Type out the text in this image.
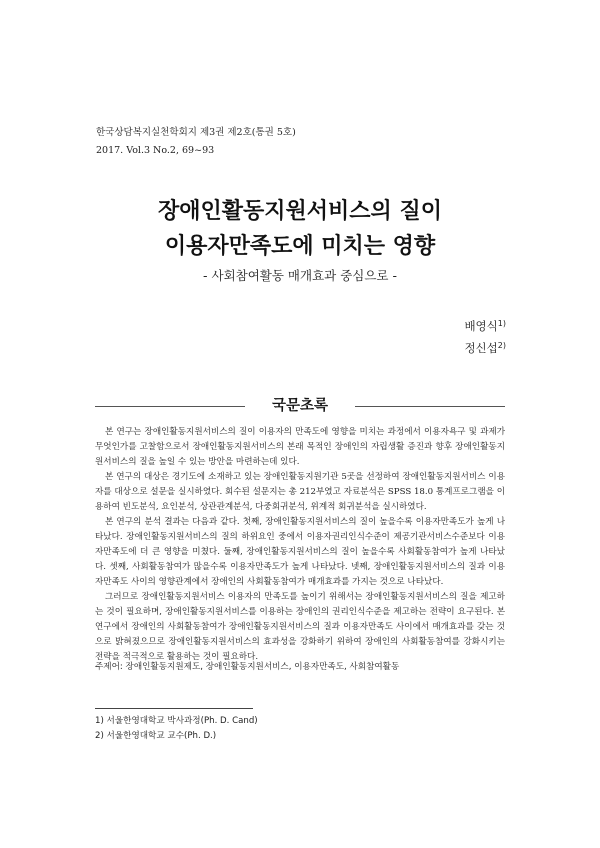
한국상담복지실천학회지 제3권 제2호(통권 5호)
2017. Vol.3 No.2, 69~93
장애인활동지원서비스의 질이
이용자만족도에 미치는 영향
- 사회참여활동 매개효과 중심으로 -
배영식$^{1)}$
정신섭$^{2)}$
국문초록

본 연구는 장애인활동지원서비스의 질이 이용자의 만족도에 영향을 미치는 과정에서 이용자욕구 및 과제가 무엇인가를 고찰함으로서 장애인활동지원서비스의 본래 목적인 장애인의 자립생활 증진과 향후 장애인활동지원서비스의 질을 높일 수 있는 방안을 마련하는데 있다.

본 연구의 대상은 경기도에 소재하고 있는 장애인활동지원기관 5곳을 선정하여 장애인활동지원서비스 이용자를 대상으로 설문을 실시하였다. 회수된 설문지는 총 212부였고 자료분석은 SPSS 18.0 통계프로그램을 이용하여 빈도분석, 요인분석, 상관관계분석, 다중회귀분석, 위계적 회귀분석을 실시하였다.

본 연구의 분석 결과는 다음과 같다. 첫째, 장애인활동지원서비스의 질이 높을수록 이용자만족도가 높게 나타났다. 장애인활동지원서비스의 질의 하위요인 중에서 이용자권리인식수준이 제공기관서비스수준보다 이용자만족도에 더 큰 영향을 미쳤다. 둘째, 장애인활동지원서비스의 질이 높을수록 사회활동참여가 높게 나타났다. 셋째, 사회활동참여가 많을수록 이용자만족도가 높게 나타났다. 넷째, 장애인활동지원서비스의 질과 이용자만족도 사이의 영향관계에서 장애인의 사회활동참여가 매개효과를 가지는 것으로 나타났다.

그러므로 장애인활동지원서비스 이용자의 만족도를 높이기 위해서는 장애인활동지원서비스의 질을 제고하는 것이 필요하며, 장애인활동지원서비스를 이용하는 장애인의 권리인식수준을 제고하는 전략이 요구된다. 본 연구에서 장애인의 사회활동참여가 장애인활동지원서비스의 질과 이용자만족도 사이에서 매개효과를 갖는 것으로 밝혀졌으므로 장애인활동지원서비스의 효과성을 강화하기 위하여 장애인의 사회활동참여를 강화시키는 전략을 적극적으로 활용하는 것이 필요하다.

주제어: 장애인활동지원제도, 장애인활동지원서비스, 이용자만족도, 사회참여활동
1) 서울한영대학교 박사과정(Ph. D. Cand)
2) 서울한영대학교 교수(Ph. D.)
